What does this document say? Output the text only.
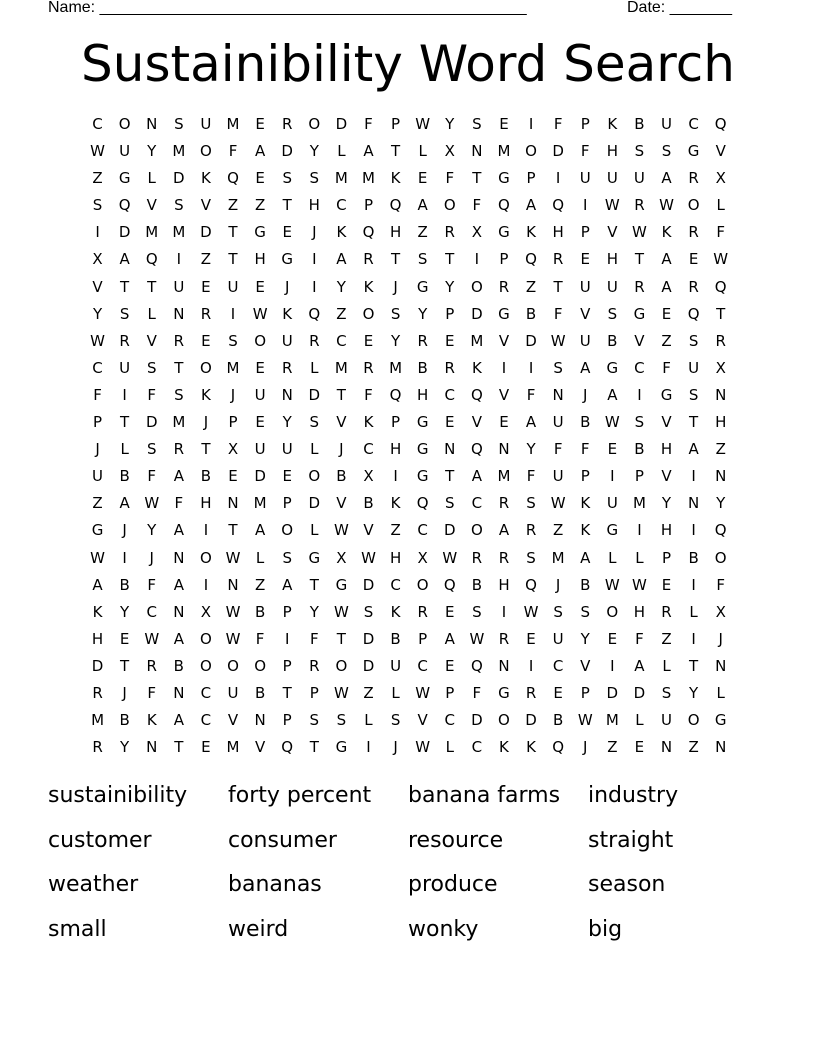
Name: ________________________________________________	Date: _______
Sustainibility Word Search
C	O	N	S	U	M	E	R	O	D	F	P	W	Y	S	E	I	F	P	K	B	U	C	Q
W U	Y	M O	F	A	D	Y	L	A	T	L	X	N	M O	D	F	H	S	S	G	V
Z	G	L	D	K	Q	E	S	S	M M	K	E	F	T	G	P	I	U	U	U	A	R	X
S	Q	V	S	V	Z	Z	T	H	C	P	Q	A	O	F	Q	A	Q	I	W R W O	L
I	D M M D	T	G	E	J	K	Q	H	Z	R	X	G	K	H	P	V W K	R	F
X	A	Q	I	Z	T	H	G	I	A	R	T	S	T	I	P	Q	R	E	H	T	A	E W
V	T	T	U	E	U	E	J	I	Y	K	J	G	Y	O	R	Z	T	U	U	R	A	R	Q
Y	S	L	N	R	I	W K	Q	Z	O	S	Y	P	D	G	B	F	V	S	G	E	Q	T
W R	V	R	E	S	O	U	R	C	E	Y	R	E	M	V	D W U	B	V	Z	S	R
C	U	S	T	O M	E	R	L	M	R	M	B	R	K	I	I	S	A	G	C	F	U	X
F	I	F	S	K	J	U	N	D	T	F	Q	H	C	Q	V	F	N	J	A	I	G	S	N
P	T	D M	J	P	E	Y	S	V	K	P	G	E	V	E	A	U	B W S	V	T	H
J	L	S	R	T	X	U	U	L	J	C	H	G	N	Q	N	Y	F	F	E	B	H	A	Z
U	B	F	A	B	E	D	E	O	B	X	I	G	T	A	M	F	U	P	I	P	V	I	N
Z	A W	F	H	N	M	P	D	V	B	K	Q	S	C	R	S W K	U	M	Y	N	Y
G	J	Y	A	I	T	A	O	L	W V	Z	C	D	O	A	R	Z	K	G	I	H	I	Q
W	I	J	N	O W	L	S	G	X W H	X W R	R	S	M	A	L	L	P	B	O
A	B	F	A	I	N	Z	A	T	G	D	C	O	Q	B	H	Q	J	B W W E	I	F
K	Y	C	N	X W B	P	Y	W S	K	R	E	S	I	W S	S	O	H	R	L	X
H	E W A	O W	F	I	F	T	D	B	P	A W R	E	U	Y	E	F	Z	I	J
D	T	R	B	O	O	O	P	R	O	D	U	C	E	Q	N	I	C	V	I	A	L	T	N
R	J	F	N	C	U	B	T	P	W Z	L	W	P	F	G	R	E	P	D	D	S	Y	L
M	B	K	A	C	V	N	P	S	S	L	S	V	C	D	O	D	B W M	L	U	O	G
R	Y	N	T	E	M	V	Q	T	G	I	J	W	L	C	K	K	Q	J	Z	E	N	Z	N
sustainibility	forty percent	banana farms	industry
customer	consumer	resource	straight
weather	bananas	produce	season
small	weird	wonky	big
